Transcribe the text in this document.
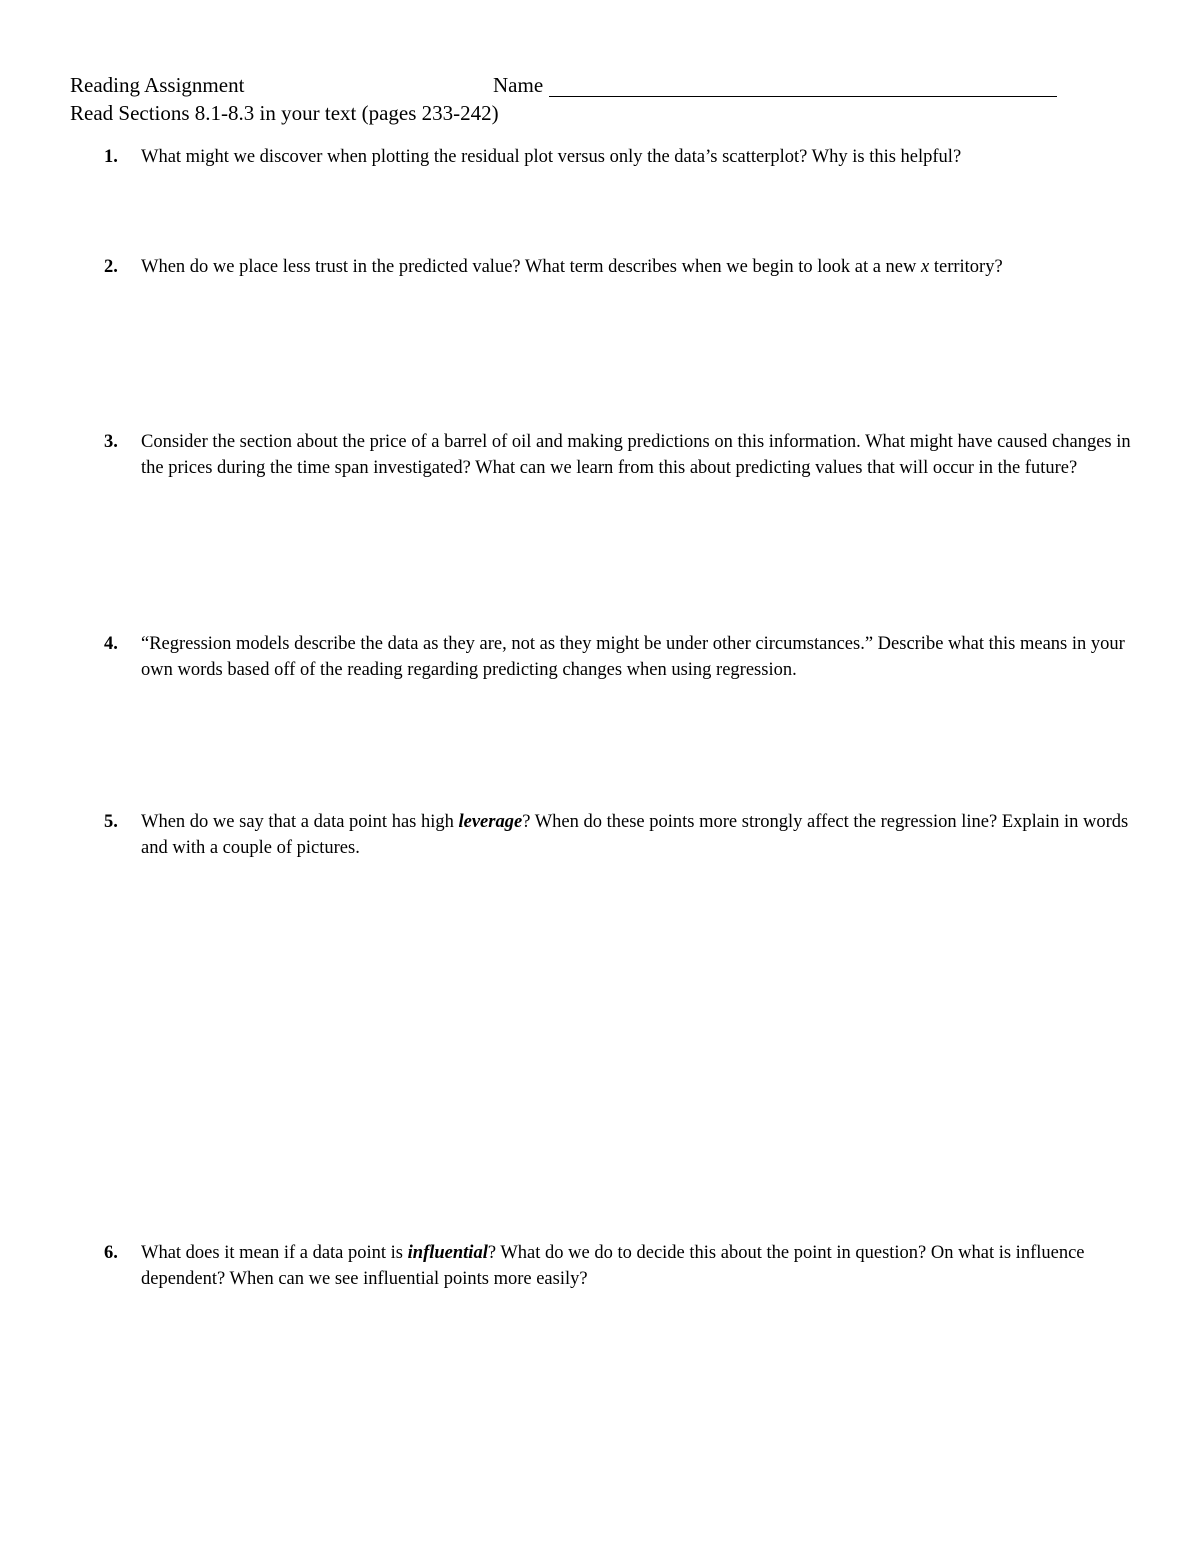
Reading Assignment	Name
Read Sections 8.1-8.3 in your text (pages 233-242)
1. What might we discover when plotting the residual plot versus only the data’s scatterplot? Why is this helpful?
2. When do we place less trust in the predicted value? What term describes when we begin to look at a new x territory?
3. Consider the section about the price of a barrel of oil and making predictions on this information. What might have caused changes in the prices during the time span investigated? What can we learn from this about predicting values that will occur in the future?
4. “Regression models describe the data as they are, not as they might be under other circumstances.” Describe what this means in your own words based off of the reading regarding predicting changes when using regression.
5. When do we say that a data point has high leverage? When do these points more strongly affect the regression line? Explain in words and with a couple of pictures.
6. What does it mean if a data point is influential? What do we do to decide this about the point in question? On what is influence dependent? When can we see influential points more easily?
